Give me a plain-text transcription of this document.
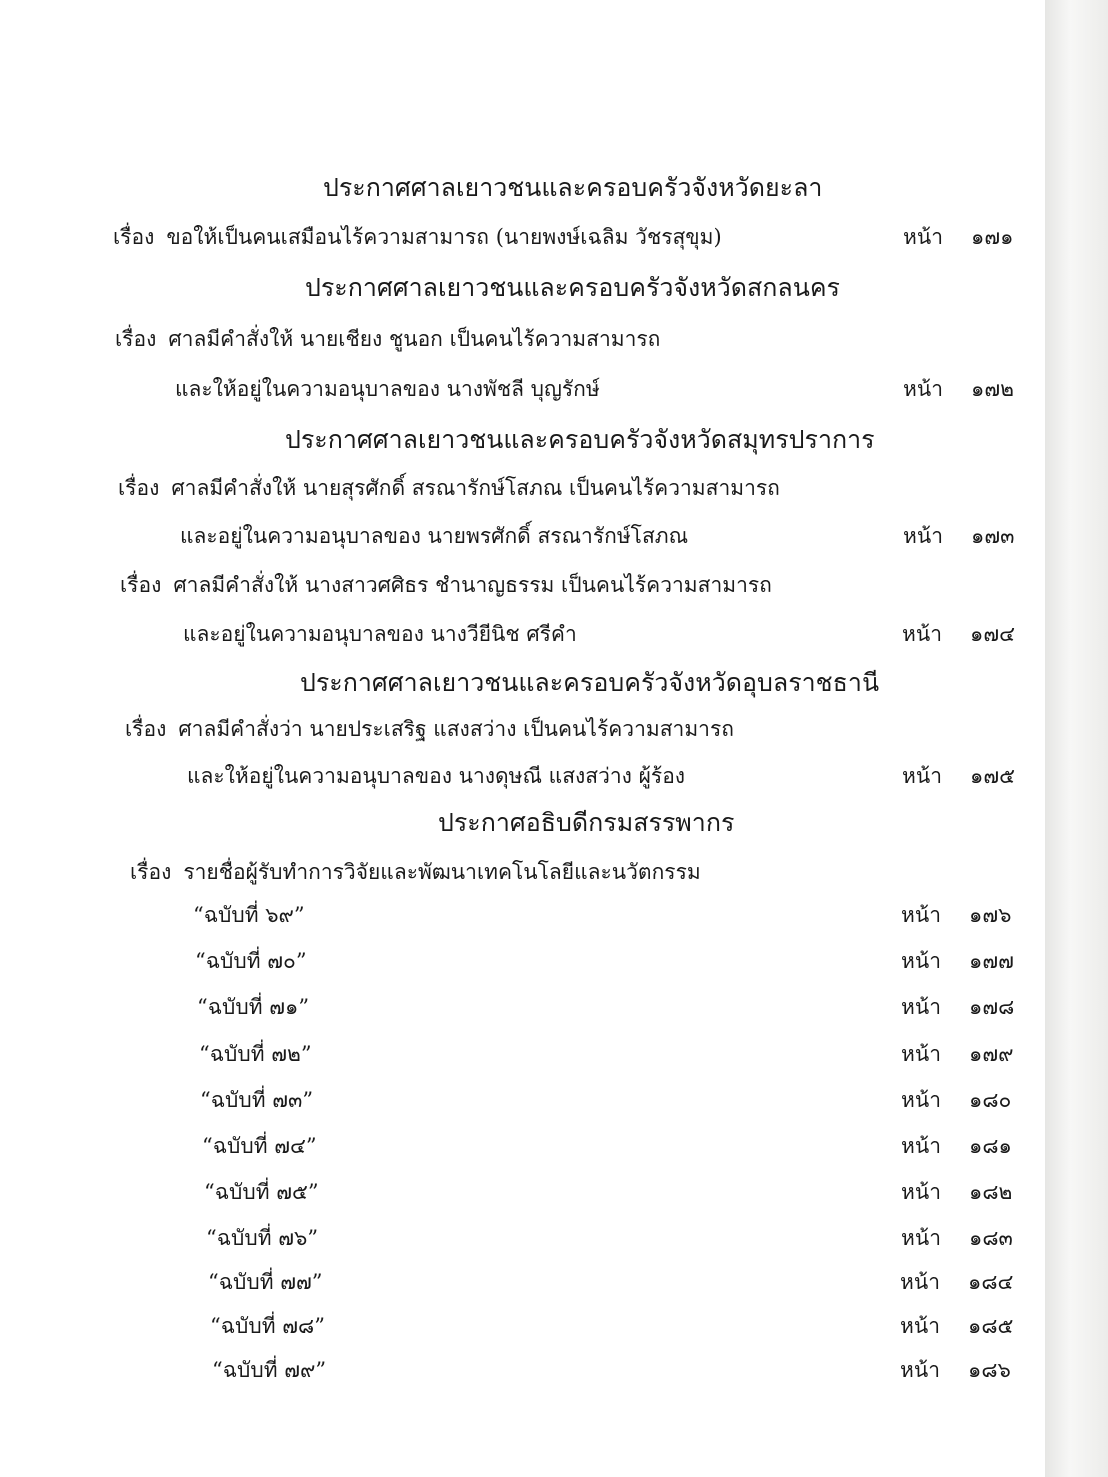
ประกาศศาลเยาวชนและครอบครัวจังหวัดยะลา
เรื่อง ขอให้เป็นคนเสมือนไร้ความสามารถ (นายพงษ์เฉลิม วัชรสุขุม)	หน้า ๑๗๑
ประกาศศาลเยาวชนและครอบครัวจังหวัดสกลนคร
เรื่อง ศาลมีคำสั่งให้ นายเชียง ชูนอก เป็นคนไร้ความสามารถ
และให้อยู่ในความอนุบาลของ นางพัชลี บุญรักษ์	หน้า ๑๗๒
ประกาศศาลเยาวชนและครอบครัวจังหวัดสมุทรปราการ
เรื่อง ศาลมีคำสั่งให้ นายสุรศักดิ์ สรณารักษ์โสภณ เป็นคนไร้ความสามารถ
และอยู่ในความอนุบาลของ นายพรศักดิ์ สรณารักษ์โสภณ	หน้า ๑๗๓
เรื่อง ศาลมีคำสั่งให้ นางสาวศศิธร ชำนาญธรรม เป็นคนไร้ความสามารถ
และอยู่ในความอนุบาลของ นางวียีนิช ศรีคำ	หน้า ๑๗๔
ประกาศศาลเยาวชนและครอบครัวจังหวัดอุบลราชธานี
เรื่อง ศาลมีคำสั่งว่า นายประเสริฐ แสงสว่าง เป็นคนไร้ความสามารถ
และให้อยู่ในความอนุบาลของ นางดุษณี แสงสว่าง ผู้ร้อง	หน้า ๑๗๕
ประกาศอธิบดีกรมสรรพากร
เรื่อง รายชื่อผู้รับทำการวิจัยและพัฒนาเทคโนโลยีและนวัตกรรม
“ฉบับที่ ๖๙”	หน้า ๑๗๖
“ฉบับที่ ๗๐”	หน้า ๑๗๗
“ฉบับที่ ๗๑”	หน้า ๑๗๘
“ฉบับที่ ๗๒”	หน้า ๑๗๙
“ฉบับที่ ๗๓”	หน้า ๑๘๐
“ฉบับที่ ๗๔”	หน้า ๑๘๑
“ฉบับที่ ๗๕”	หน้า ๑๘๒
“ฉบับที่ ๗๖”	หน้า ๑๘๓
“ฉบับที่ ๗๗”	หน้า ๑๘๔
“ฉบับที่ ๗๘”	หน้า ๑๘๕
“ฉบับที่ ๗๙”	หน้า ๑๘๖
